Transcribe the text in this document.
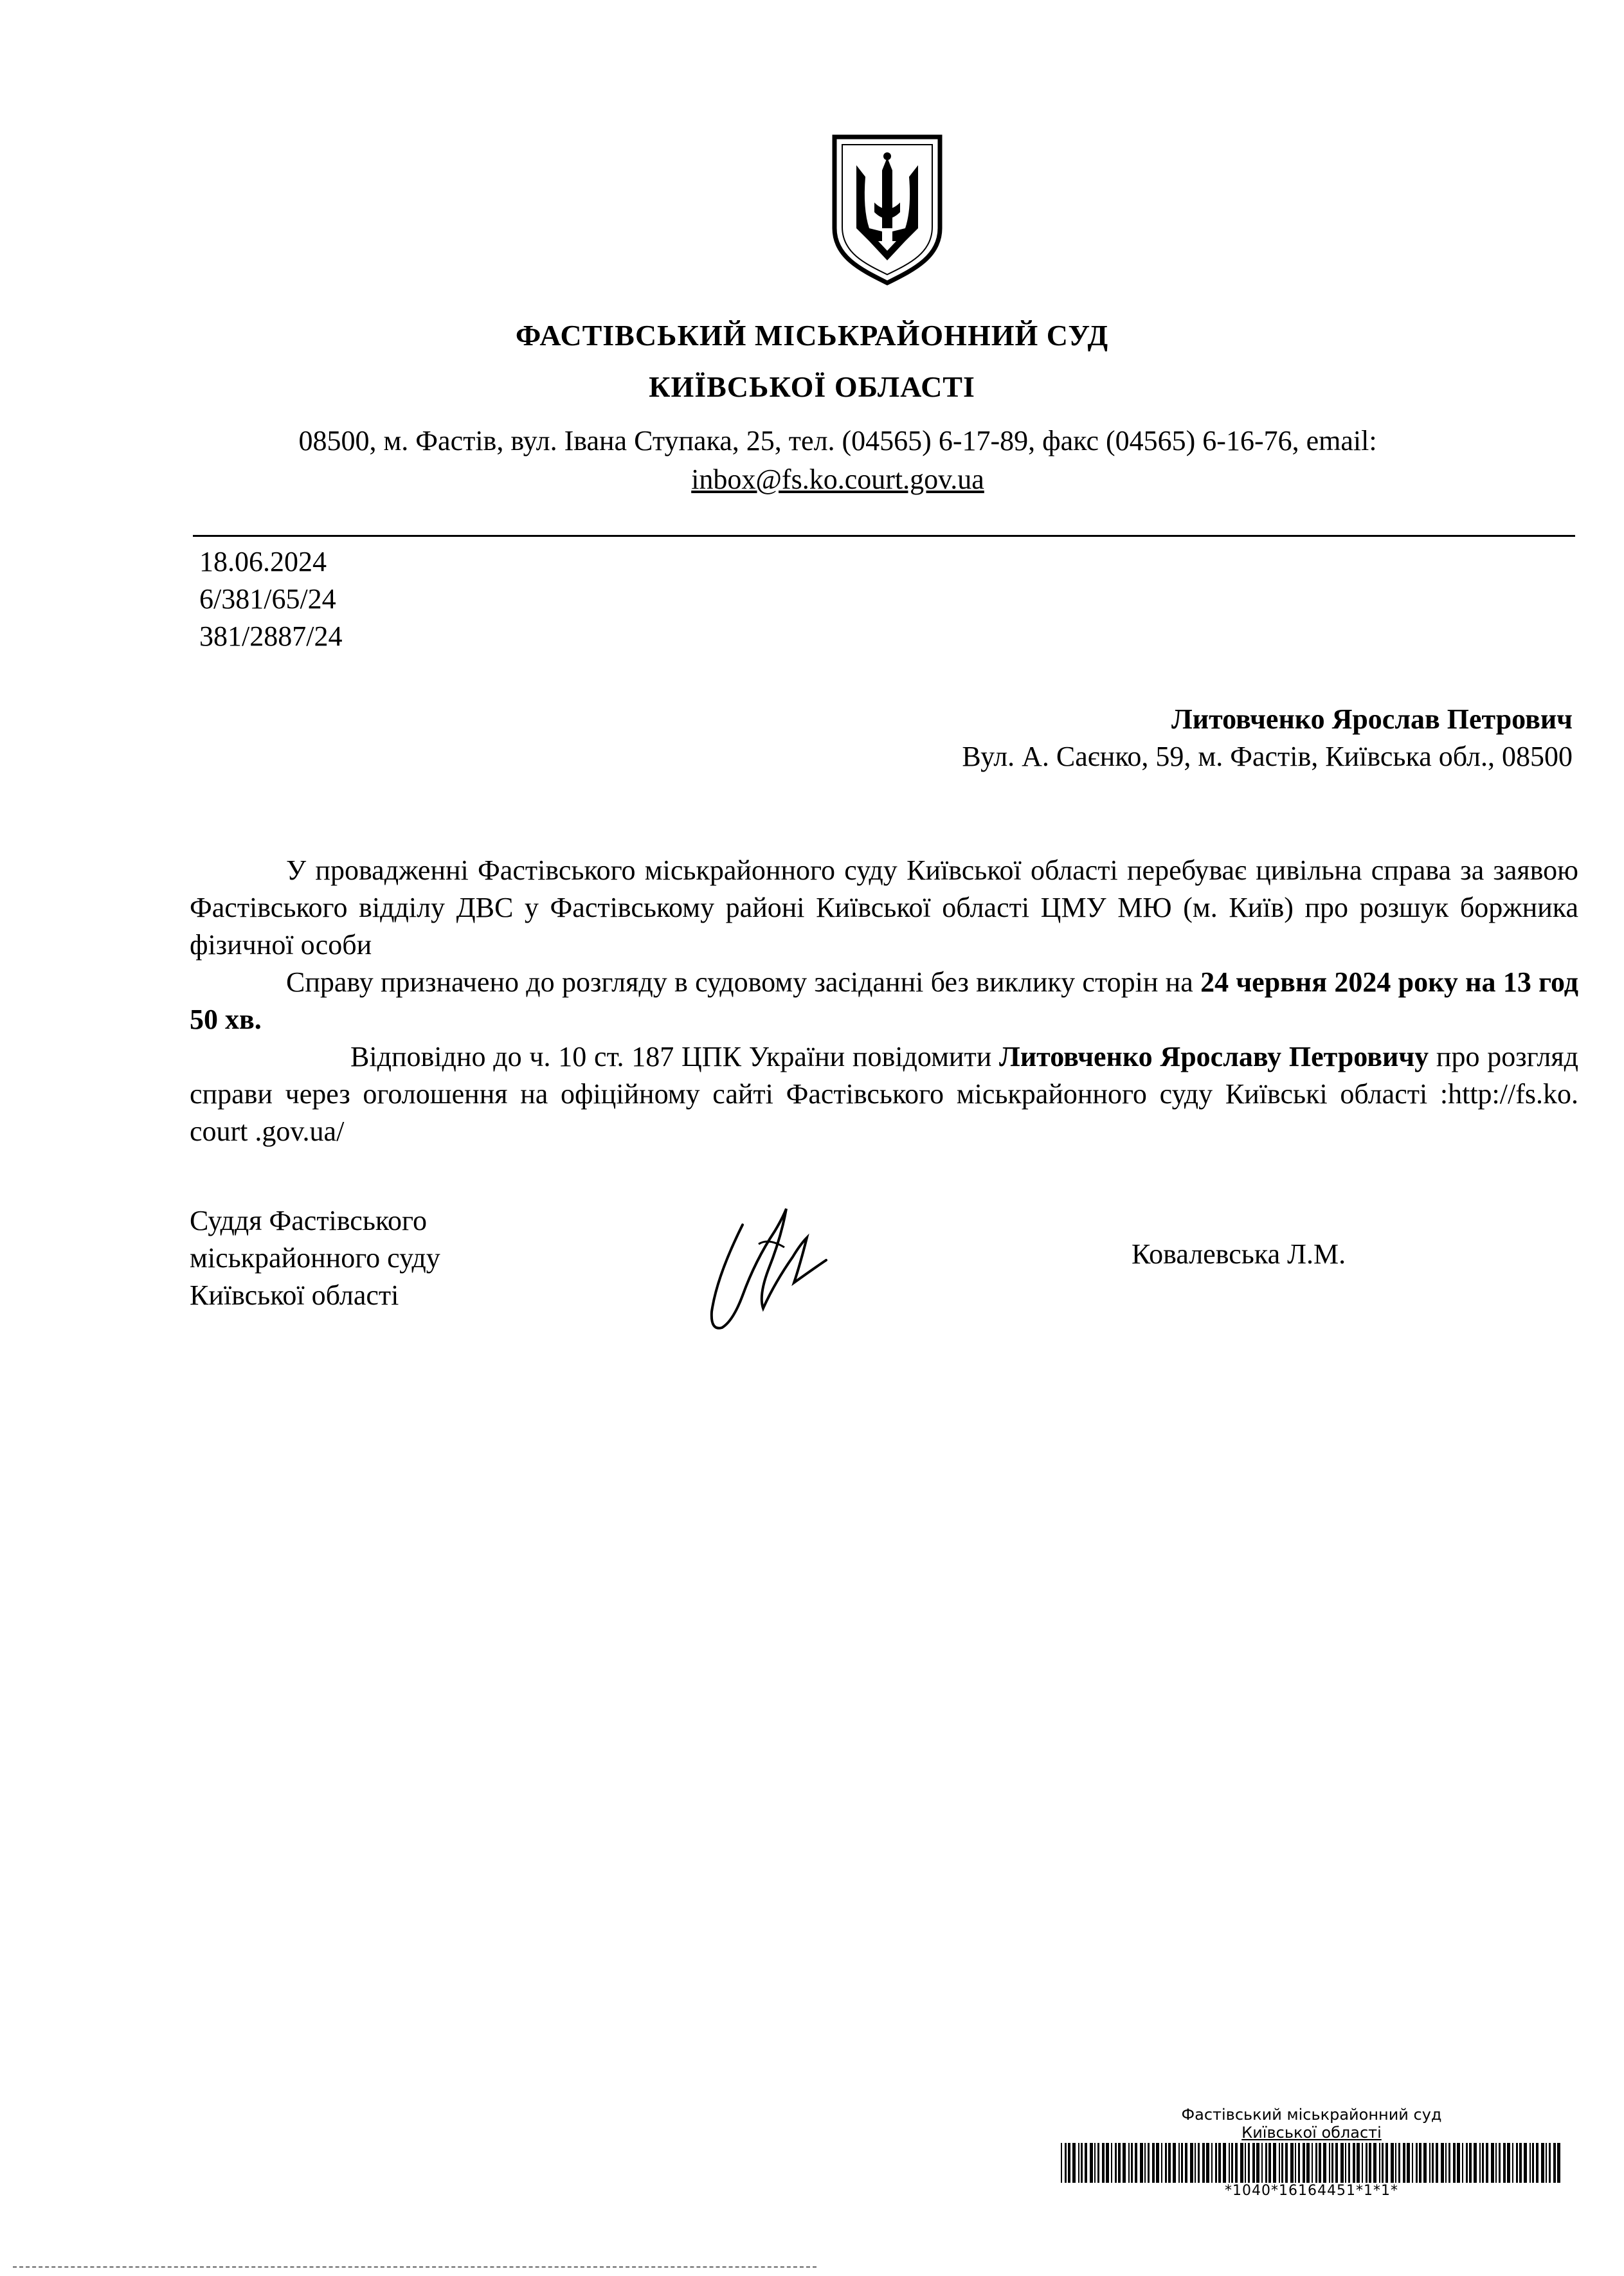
ФАСТІВСЬКИЙ МІСЬКРАЙОННИЙ СУД
КИЇВСЬКОЇ ОБЛАСТІ
08500, м. Фастів, вул. Івана Ступака, 25, тел. (04565) 6-17-89, факс (04565) 6-16-76, email:
inbox@fs.ko.court.gov.ua
18.06.2024
6/381/65/24
381/2887/24
Литовченко Ярослав Петрович
Вул. А. Саєнко, 59, м. Фастів, Київська обл., 08500

У провадженні Фастівського міськрайонного суду Київської області перебуває цивільна справа за заявою Фастівського відділу ДВС у Фастівському районі Київської області ЦМУ МЮ (м. Київ) про розшук боржника фізичної особи

Справу призначено до розгляду в судовому засіданні без виклику сторін на 24 червня 2024 року на 13 год 50 хв.

Відповідно до ч. 10 ст. 187 ЦПК України повідомити Литовченко Ярославу Петровичу про розгляд справи через оголошення на офіційному сайті Фастівського міськрайонного суду Київські області :http://fs.ko. court .gov.ua/

Суддя Фастівського
міськрайонного суду
Київської області
Ковалевська Л.М.
Фастівський міськрайонний суд
Київської області
*1040*16164451*1*1*
